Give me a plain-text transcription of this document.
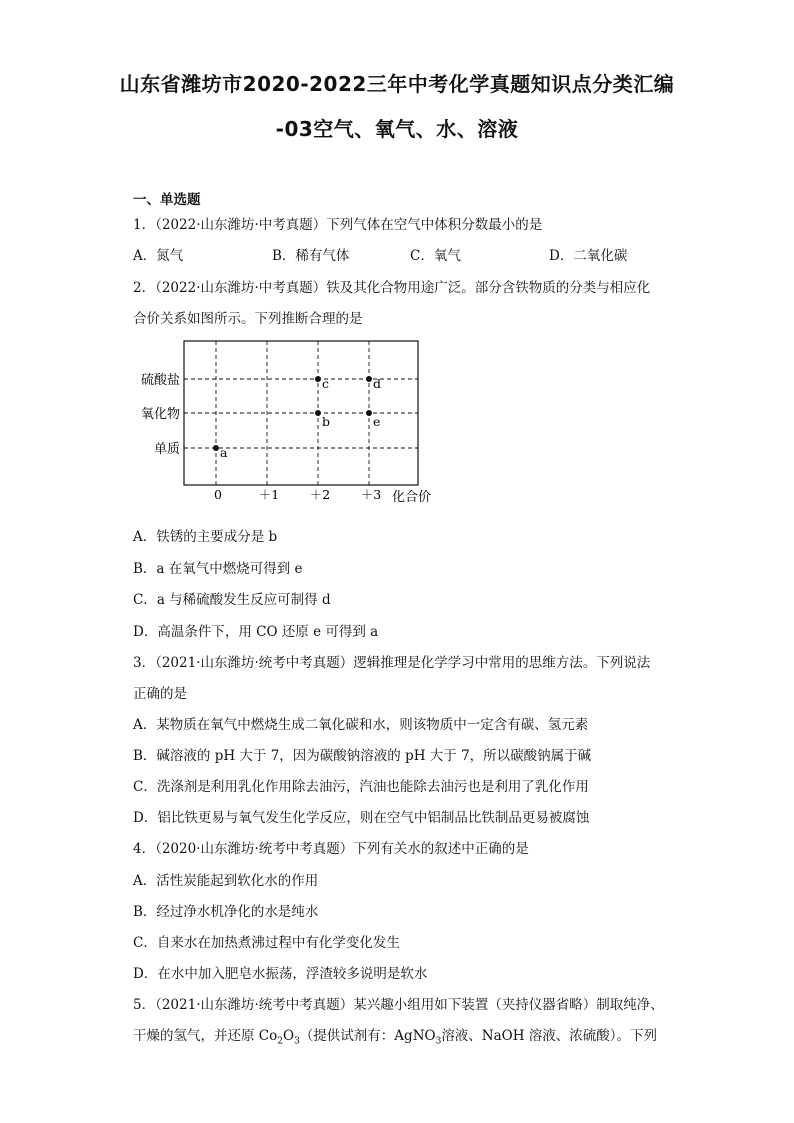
山东省潍坊市2020-2022三年中考化学真题知识点分类汇编
-03空气、氧气、水、溶液
一、单选题
1．（2022·山东潍坊·中考真题）下列气体在空气中体积分数最小的是
A．氮气	B．稀有气体	C．氧气	D．二氧化碳
2．（2022·山东潍坊·中考真题）铁及其化合物用途广泛。部分含铁物质的分类与相应化
合价关系如图所示。下列推断合理的是
单质
氧化物
硫酸盐
0	＋1 ＋2 ＋3
a
b
c	d
e
化合价
A．铁锈的主要成分是 b
B．a 在氧气中燃烧可得到 e
C．a 与稀硫酸发生反应可制得 d
D．高温条件下，用 CO 还原 e 可得到 a
3．（2021·山东潍坊·统考中考真题）逻辑推理是化学学习中常用的思维方法。下列说法
正确的是
A．某物质在氧气中燃烧生成二氧化碳和水，则该物质中一定含有碳、氢元素
B．碱溶液的 pH 大于 7，因为碳酸钠溶液的 pH 大于 7，所以碳酸钠属于碱
C．洗涤剂是利用乳化作用除去油污，汽油也能除去油污也是利用了乳化作用
D．铝比铁更易与氧气发生化学反应，则在空气中铝制品比铁制品更易被腐蚀
4．（2020·山东潍坊·统考中考真题）下列有关水的叙述中正确的是
A．活性炭能起到软化水的作用
B．经过净水机净化的水是纯水
C．自来水在加热煮沸过程中有化学变化发生
D．在水中加入肥皂水振荡，浮渣较多说明是软水
5．（2021·山东潍坊·统考中考真题）某兴趣小组用如下装置（夹持仪器省略）制取纯净、
干燥的氢气，并还原 $Co_2O_3$（提供试剂有：AgNO$_3$溶液、NaOH 溶液、浓硫酸）。下列
